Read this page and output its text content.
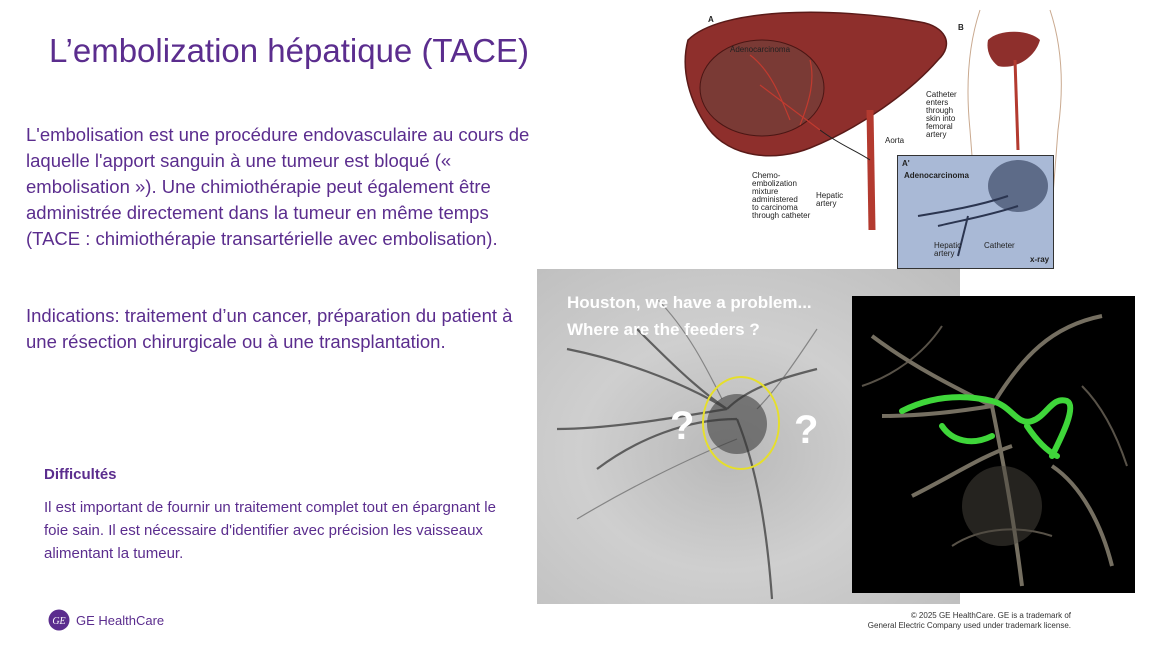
L’embolization hépatique (TACE)

L'embolisation est une procédure endovasculaire au cours de laquelle l'apport sanguin à une tumeur est bloqué (« embolisation »). Une chimiothérapie peut également être administrée directement dans la tumeur en même temps (TACE : chimiothérapie transartérielle avec embolisation).

Indications: traitement d’un cancer, préparation du patient à une résection chirurgicale ou à une transplantation.

Difficultés

Il est important de fournir un traitement complet tout en épargnant le foie sain. Il est nécessaire d'identifier avec précision les vaisseaux alimentant la tumeur.

A
B
Adenocarcinoma
Aorta
Chemo-
embolization
mixture
administered
to carcinoma
through catheter
Hepatic
artery
Catheter
enters
through
skin into
femoral
artery
A'
Adenocarcinoma
Catheter
Hepatic
artery
x-ray
Houston, we have a problem...
Where are the feeders ?
? ?
GE GE HealthCare	© 2025 GE HealthCare. GE is a trademark of
General Electric Company used under trademark license.
